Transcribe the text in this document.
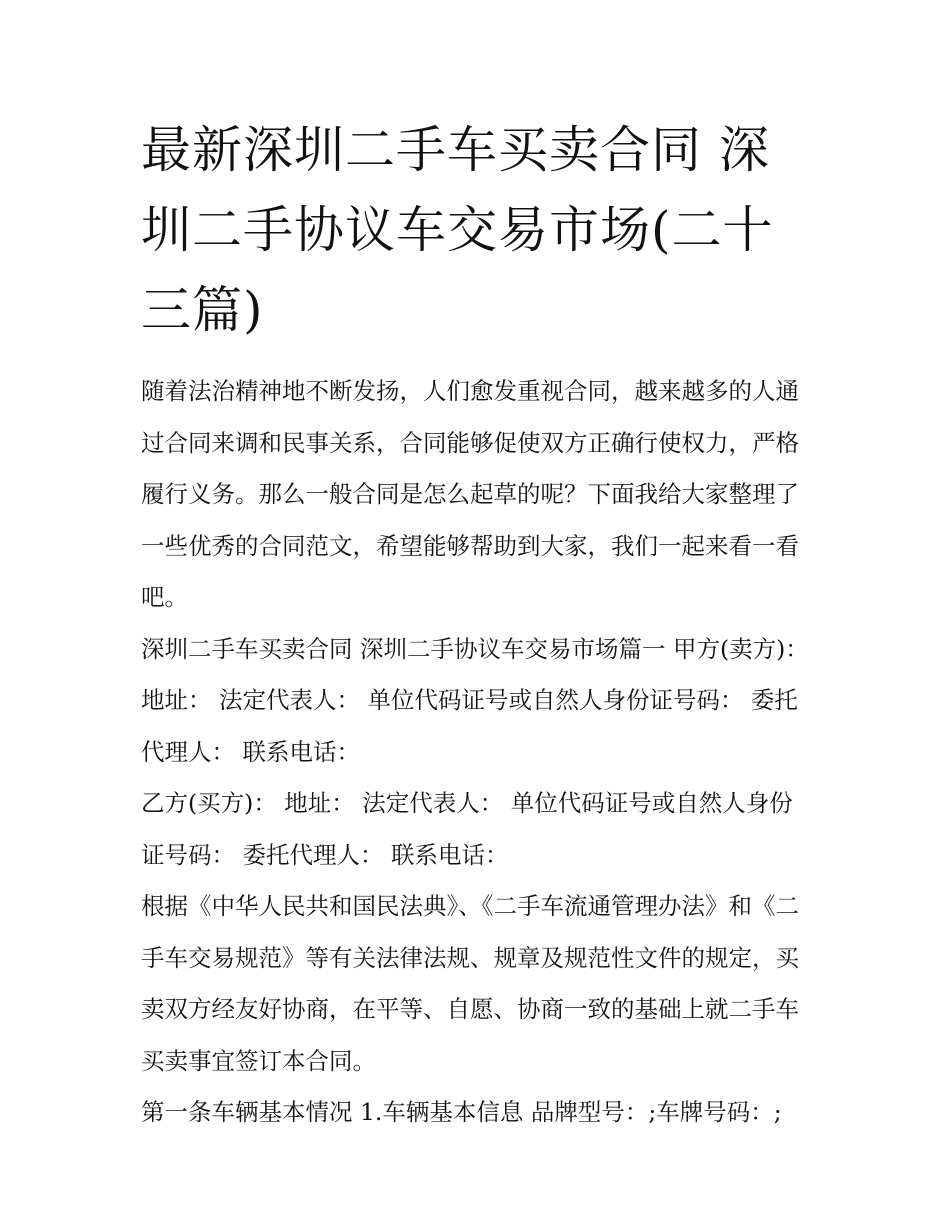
最新深圳二手车买卖合同 深圳二手协议车交易市场(二十三篇)

随着法治精神地不断发扬，人们愈发重视合同，越来越多的人通过合同来调和民事关系，合同能够促使双方正确行使权力，严格履行义务。那么一般合同是怎么起草的呢？下面我给大家整理了一些优秀的合同范文，希望能够帮助到大家，我们一起来看一看吧。

深圳二手车买卖合同 深圳二手协议车交易市场篇一 甲方(卖方)： 地址： 法定代表人： 单位代码证号或自然人身份证号码： 委托代理人： 联系电话：

乙方(买方)： 地址： 法定代表人： 单位代码证号或自然人身份证号码： 委托代理人： 联系电话：

根据《中华人民共和国民法典》、《二手车流通管理办法》和《二手车交易规范》等有关法律法规、规章及规范性文件的规定，买卖双方经友好协商，在平等、自愿、协商一致的基础上就二手车买卖事宜签订本合同。

第一条车辆基本情况 1.车辆基本信息 品牌型号：;车牌号码：;
